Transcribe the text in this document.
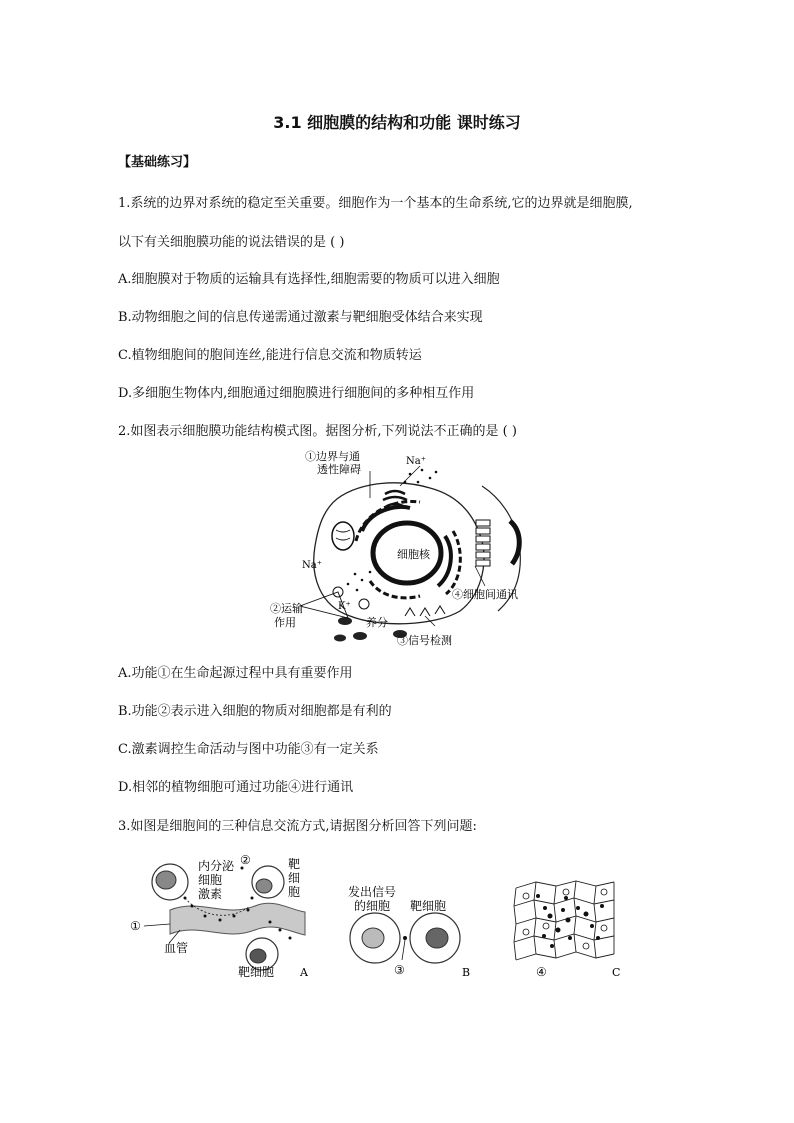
3.1 细胞膜的结构和功能 课时练习
【基础练习】
1.系统的边界对系统的稳定至关重要。细胞作为一个基本的生命系统,它的边界就是细胞膜,
以下有关细胞膜功能的说法错误的是 ( )
A.细胞膜对于物质的运输具有选择性,细胞需要的物质可以进入细胞
B.动物细胞之间的信息传递需通过激素与靶细胞受体结合来实现
C.植物细胞间的胞间连丝,能进行信息交流和物质转运
D.多细胞生物体内,细胞通过细胞膜进行细胞间的多种相互作用
2.如图表示细胞膜功能结构模式图。据图分析,下列说法不正确的是 ( )
①边界与通
透性障碍
Na⁺
细胞核
Na⁺
K⁺
②运输
作用	养分
③信号检测
④细胞间通讯
A.功能①在生命起源过程中具有重要作用
B.功能②表示进入细胞的物质对细胞都是有利的
C.激素调控生命活动与图中功能③有一定关系
D.相邻的植物细胞可通过功能④进行通讯
3.如图是细胞间的三种信息交流方式,请据图分析回答下列问题:
内分泌
细胞
激素
②	靶
细
胞
①
血管
靶细胞 A
发出信号
的细胞 靶细胞
③	B	④	C
